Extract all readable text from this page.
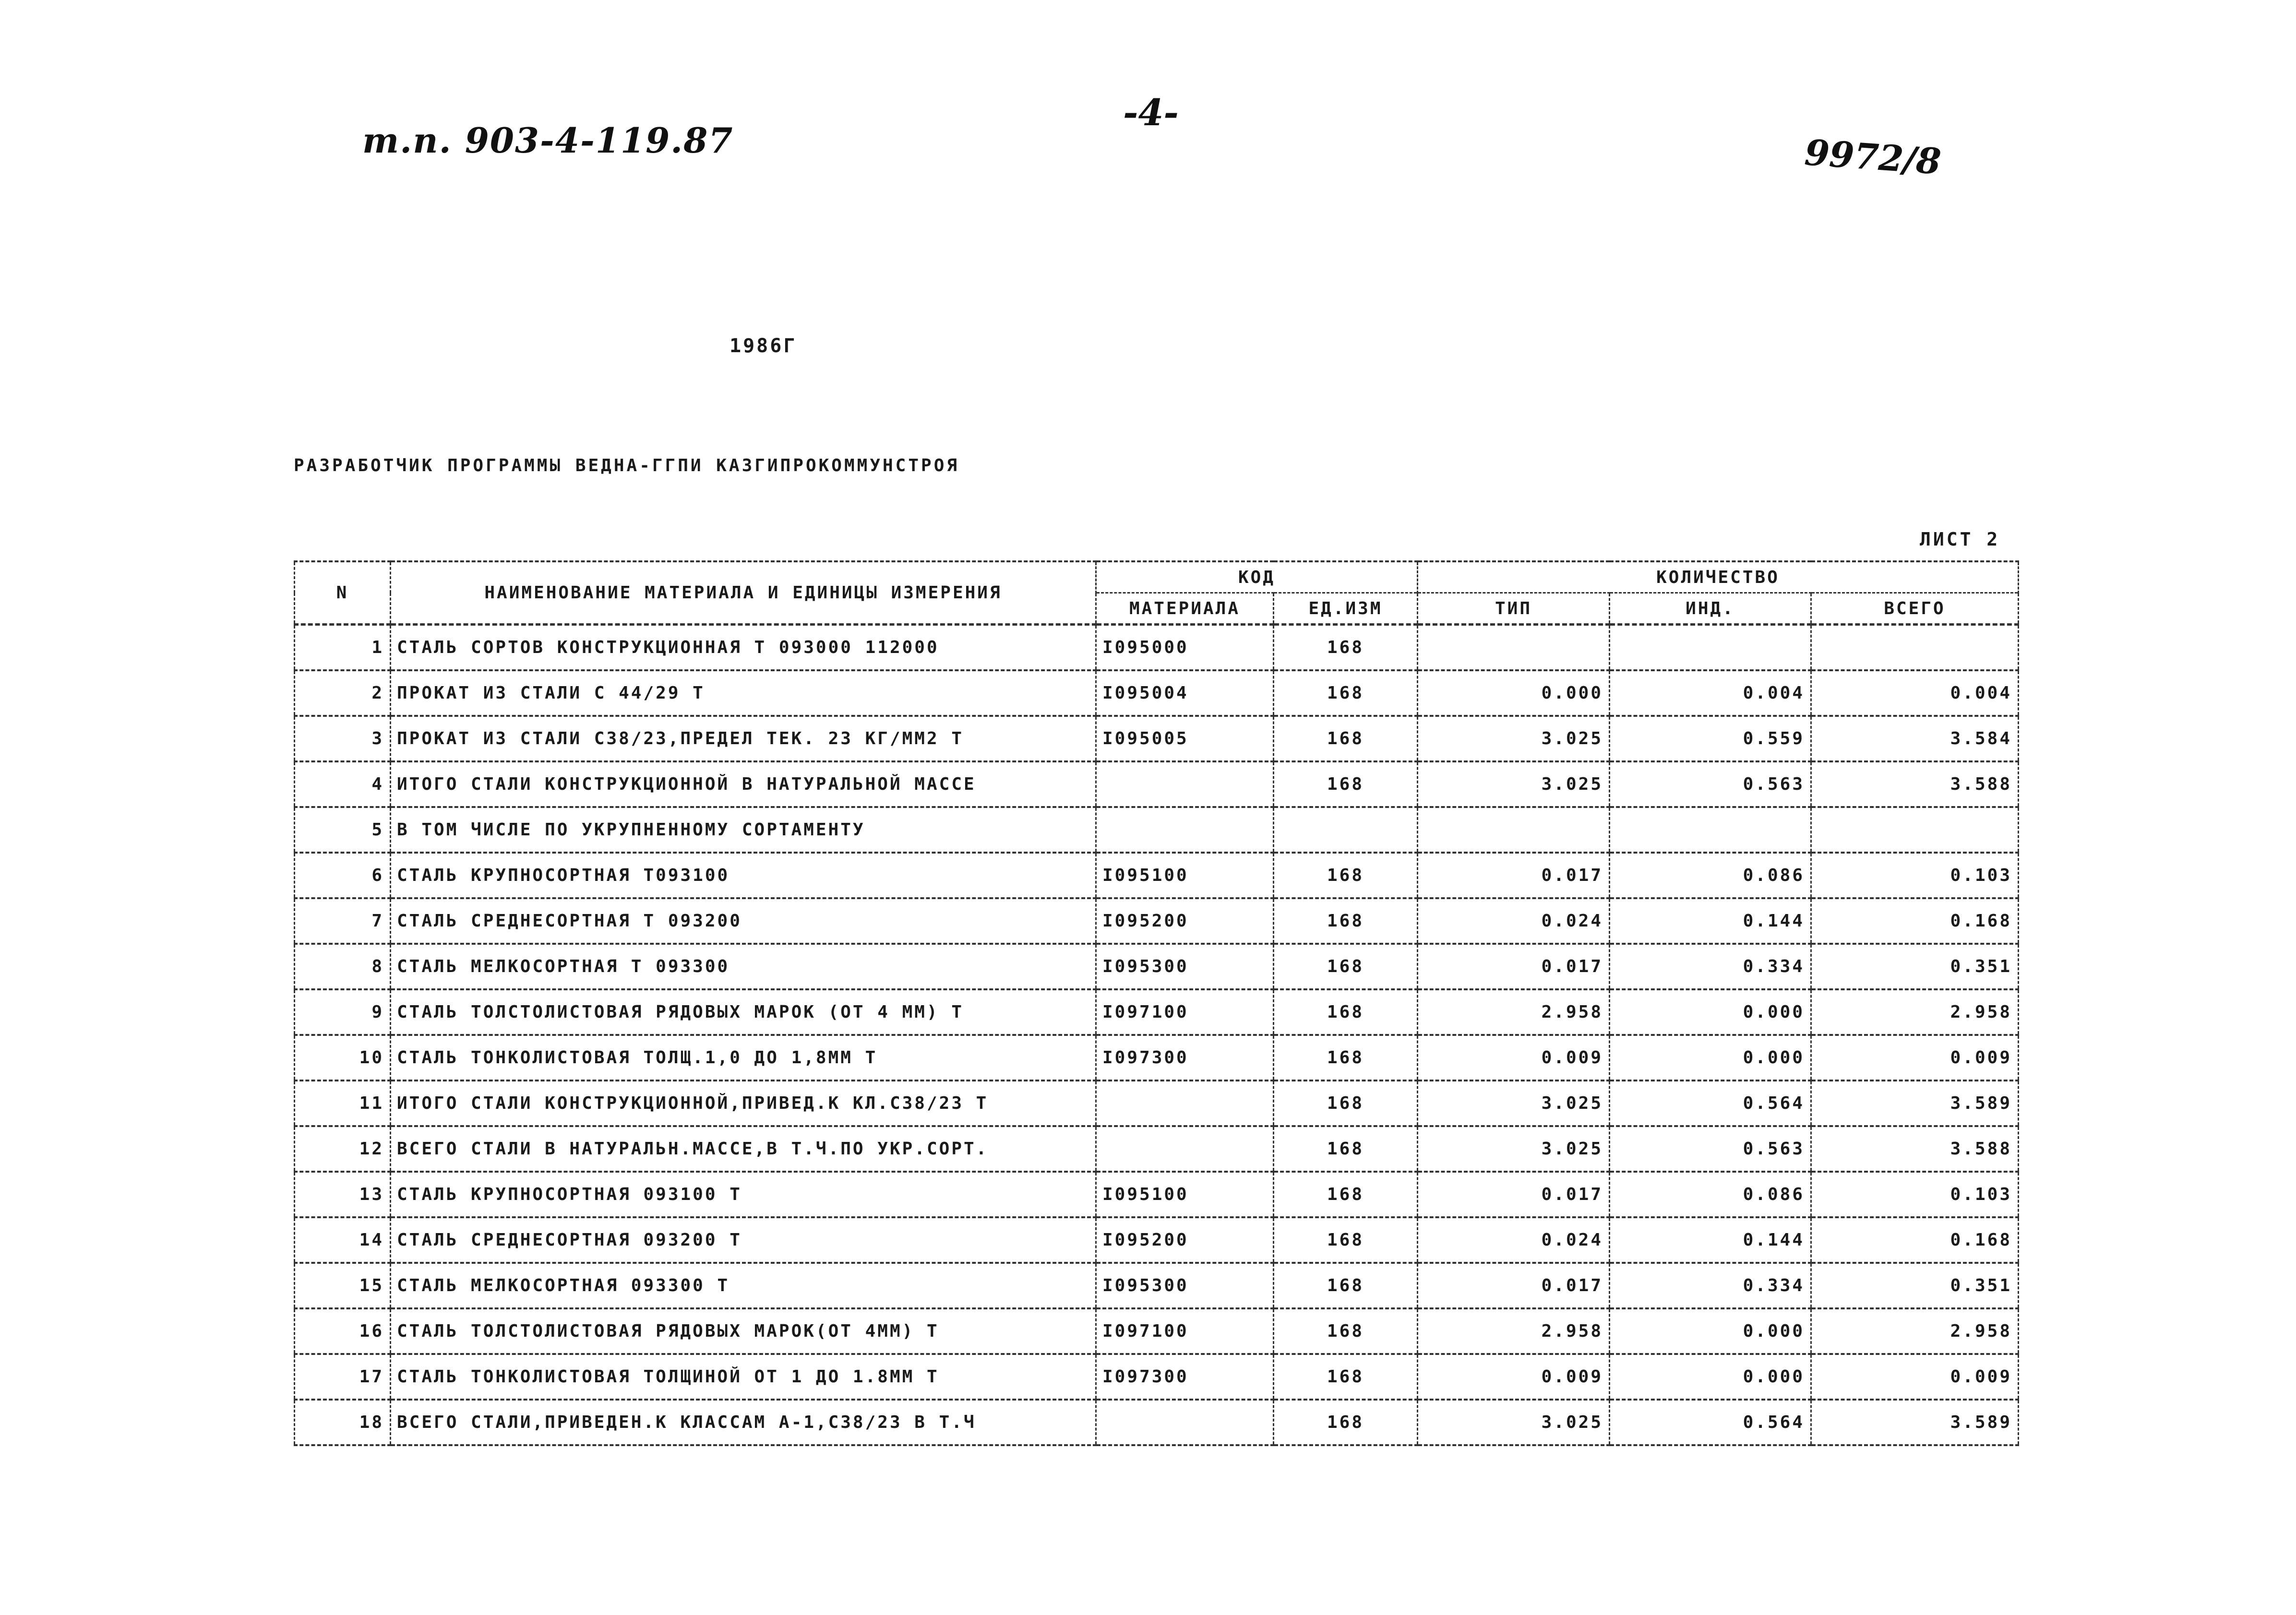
т.п. 903-4-119.87
-4-
9972/8
1986Г
РАЗРАБОТЧИК ПРОГРАММЫ ВЕДНА-ГГПИ КАЗГИПРОКОММУНСТРОЯ
ЛИСТ 2
N	НАИМЕНОВАНИЕ МАТЕРИАЛА И ЕДИНИЦЫ ИЗМЕРЕНИЯ	КОД		КОЛИЧЕСТВО		
		МАТЕРИАЛА	ЕД.ИЗМ	ТИП	ИНД.	ВСЕГО
1	СТАЛЬ СОРТОВ КОНСТРУКЦИОННАЯ Т 093000 112000	I095000	168			
2	ПРОКАТ ИЗ СТАЛИ С 44/29 Т	I095004	168	0.000	0.004	0.004
3	ПРОКАТ ИЗ СТАЛИ С38/23,ПРЕДЕЛ ТЕК. 23 КГ/ММ2 Т	I095005	168	3.025	0.559	3.584
4	ИТОГО СТАЛИ КОНСТРУКЦИОННОЙ В НАТУРАЛЬНОЙ МАССЕ		168	3.025	0.563	3.588
5	В ТОМ ЧИСЛЕ ПО УКРУПНЕННОМУ СОРТАМЕНТУ					
6	СТАЛЬ КРУПНОСОРТНАЯ Т093100	I095100	168	0.017	0.086	0.103
7	СТАЛЬ СРЕДНЕСОРТНАЯ Т 093200	I095200	168	0.024	0.144	0.168
8	СТАЛЬ МЕЛКОСОРТНАЯ Т 093300	I095300	168	0.017	0.334	0.351
9	СТАЛЬ ТОЛСТОЛИСТОВАЯ РЯДОВЫХ МАРОК (ОТ 4 ММ) Т	I097100	168	2.958	0.000	2.958
10	СТАЛЬ ТОНКОЛИСТОВАЯ ТОЛЩ.1,0 ДО 1,8ММ Т	I097300	168	0.009	0.000	0.009
11	ИТОГО СТАЛИ КОНСТРУКЦИОННОЙ,ПРИВЕД.К КЛ.С38/23 Т		168	3.025	0.564	3.589
12	ВСЕГО СТАЛИ В НАТУРАЛЬН.МАССЕ,В Т.Ч.ПО УКР.СОРТ.		168	3.025	0.563	3.588
13	СТАЛЬ КРУПНОСОРТНАЯ 093100 Т	I095100	168	0.017	0.086	0.103
14	СТАЛЬ СРЕДНЕСОРТНАЯ 093200 Т	I095200	168	0.024	0.144	0.168
15	СТАЛЬ МЕЛКОСОРТНАЯ 093300 Т	I095300	168	0.017	0.334	0.351
16	СТАЛЬ ТОЛСТОЛИСТОВАЯ РЯДОВЫХ МАРОК(ОТ 4ММ) Т	I097100	168	2.958	0.000	2.958
17	СТАЛЬ ТОНКОЛИСТОВАЯ ТОЛЩИНОЙ ОТ 1 ДО 1.8ММ Т	I097300	168	0.009	0.000	0.009
18	ВСЕГО СТАЛИ,ПРИВЕДЕН.К КЛАССАМ А-1,С38/23 В Т.Ч		168	3.025	0.564	3.589
